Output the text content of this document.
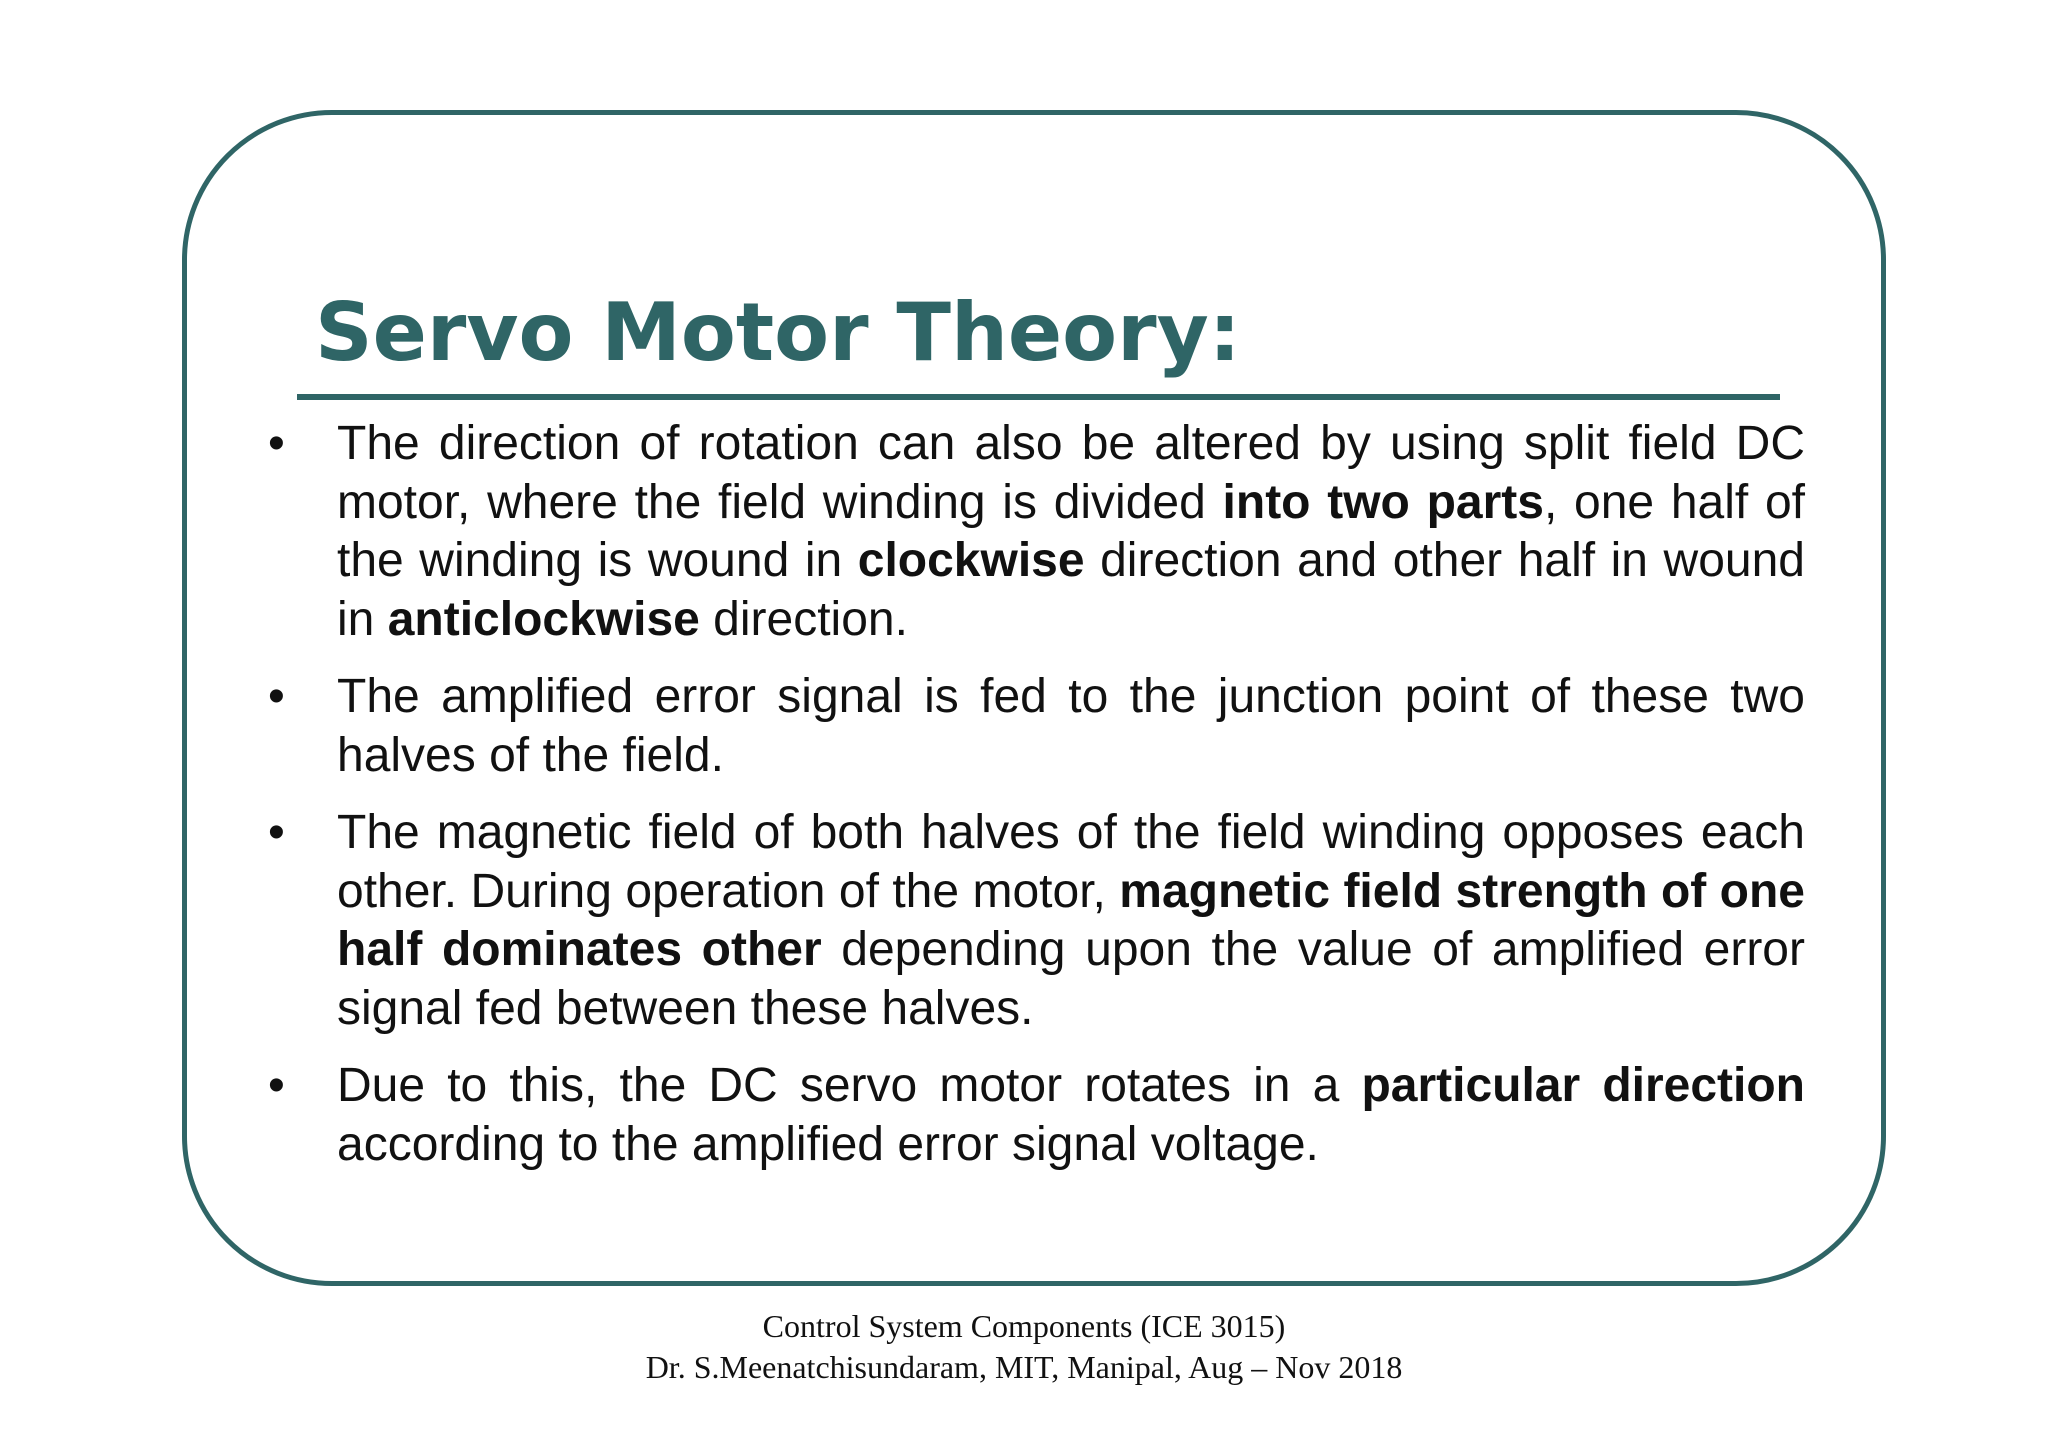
Servo Motor Theory:
• The direction of rotation can also be altered by using split field DC motor, where the field winding is divided into two parts, one half of the winding is wound in clockwise direction and other half in wound in anticlockwise direction.
• The amplified error signal is fed to the junction point of these two halves of the field.
• The magnetic field of both halves of the field winding opposes each other. During operation of the motor, magnetic field strength of one half dominates other depending upon the value of amplified error signal fed between these halves.
• Due to this, the DC servo motor rotates in a particular direction according to the amplified error signal voltage.
Control System Components (ICE 3015)
Dr. S.Meenatchisundaram, MIT, Manipal, Aug – Nov 2018
